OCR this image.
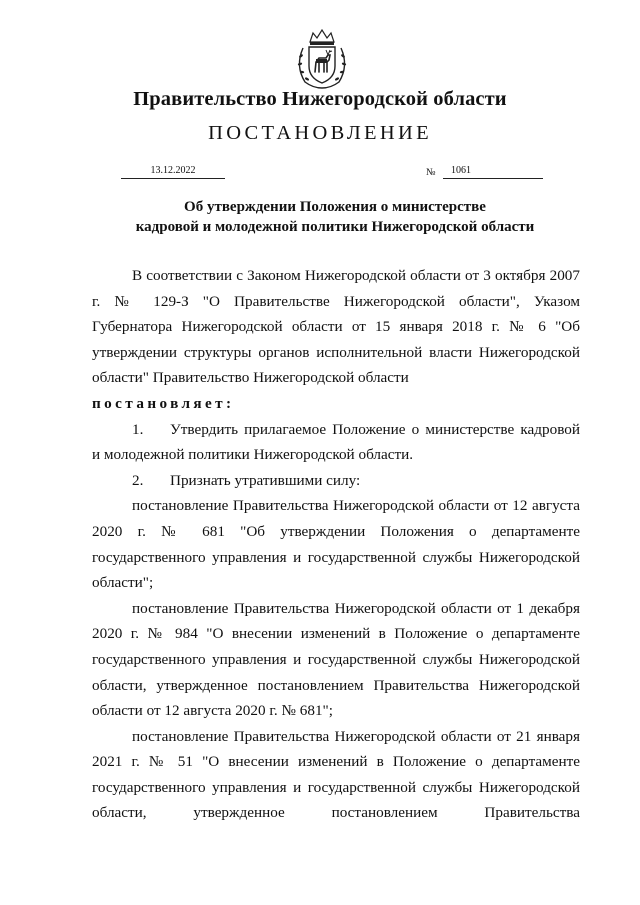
Правительство Нижегородской области
ПОСТАНОВЛЕНИЕ
13.12.2022	№	1061
Об утверждении Положения о министерстве
кадровой и молодежной политики Нижегородской области

В соответствии с Законом Нижегородской области от 3 октября 2007 г. № 129-З "О Правительстве Нижегородской области", Указом Губернатора Нижегородской области от 15 января 2018 г. № 6 "Об утверждении структуры органов исполнительной власти Нижегородской области" Правительство Нижегородской области

постановляет:

1. Утвердить прилагаемое Положение о министерстве кадровой и молодежной политики Нижегородской области.

2. Признать утратившими силу:

постановление Правительства Нижегородской области от 12 августа 2020 г. № 681 "Об утверждении Положения о департаменте государственного управления и государственной службы Нижегородской области";

постановление Правительства Нижегородской области от 1 декабря 2020 г. № 984 "О внесении изменений в Положение о департаменте государственного управления и государственной службы Нижегородской области, утвержденное постановлением Правительства Нижегородской области от 12 августа 2020 г. № 681";

постановление Правительства Нижегородской области от 21 января 2021 г. № 51 "О внесении изменений в Положение о департаменте государственного управления и государственной службы Нижегородской области, утвержденное постановлением Правительства
